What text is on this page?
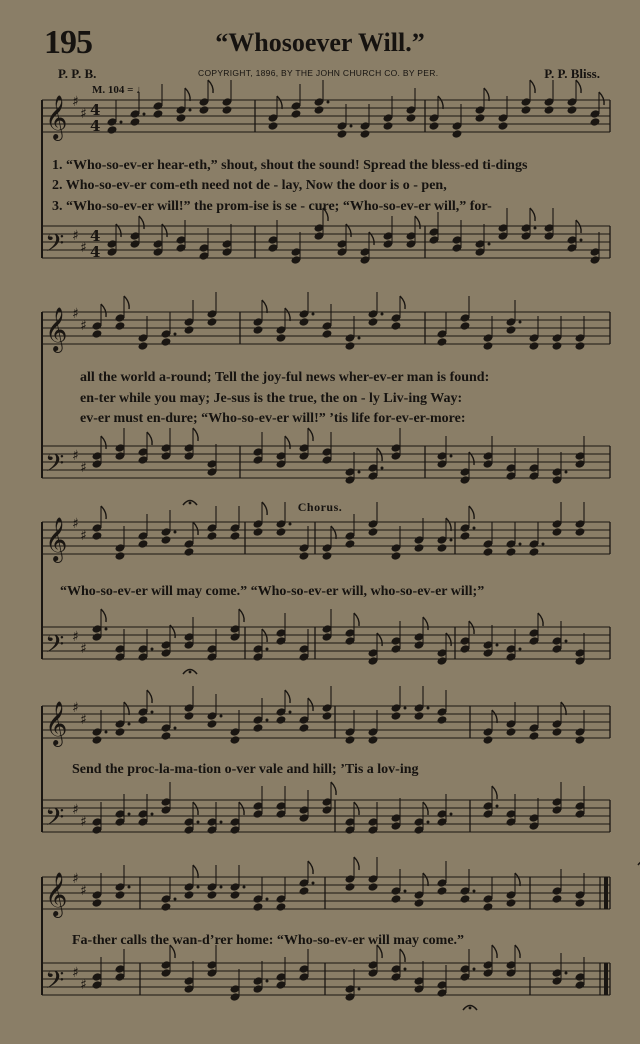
𝄞 ♯
♯ 4
4
𝄢 ♯
♯
4
4
𝄞 ♯
♯
𝄢 ♯
♯
𝄞 ♯
♯
𝄢 ♯
♯
𝄞 ♯
♯
𝄢 ♯
♯
𝄞 ♯
♯
𝄢 ♯
♯
195	“Whosoever Will.”
P. P. B.	COPYRIGHT, 1896, BY THE JOHN CHURCH CO. BY PER.	P. P. Bliss.
M. 104 = ♩
Chorus.
1. “Who-so-ev-er hear-eth,” shout, shout the sound! Spread the bless-ed ti-dings
2. Who-so-ev-er com-eth need not de - lay, Now the door is o - pen,
3. “Who-so-ev-er will!” the prom-ise is se - cure; “Who-so-ev-er will,” for-
all the world a-round; Tell the joy-ful news wher-ev-er man is found:
en-ter while you may; Je-sus is the true, the on - ly Liv-ing Way:
ev-er must en-dure; “Who-so-ev-er will!” ’tis life for-ev-er-more:
“Who-so-ev-er will may come.” “Who-so-ev-er will, who-so-ev-er will;”
Send the proc-la-ma-tion o-ver vale and hill; ’Tis a lov-ing
Fa-ther calls the wan-d’rer home: “Who-so-ev-er will may come.”
